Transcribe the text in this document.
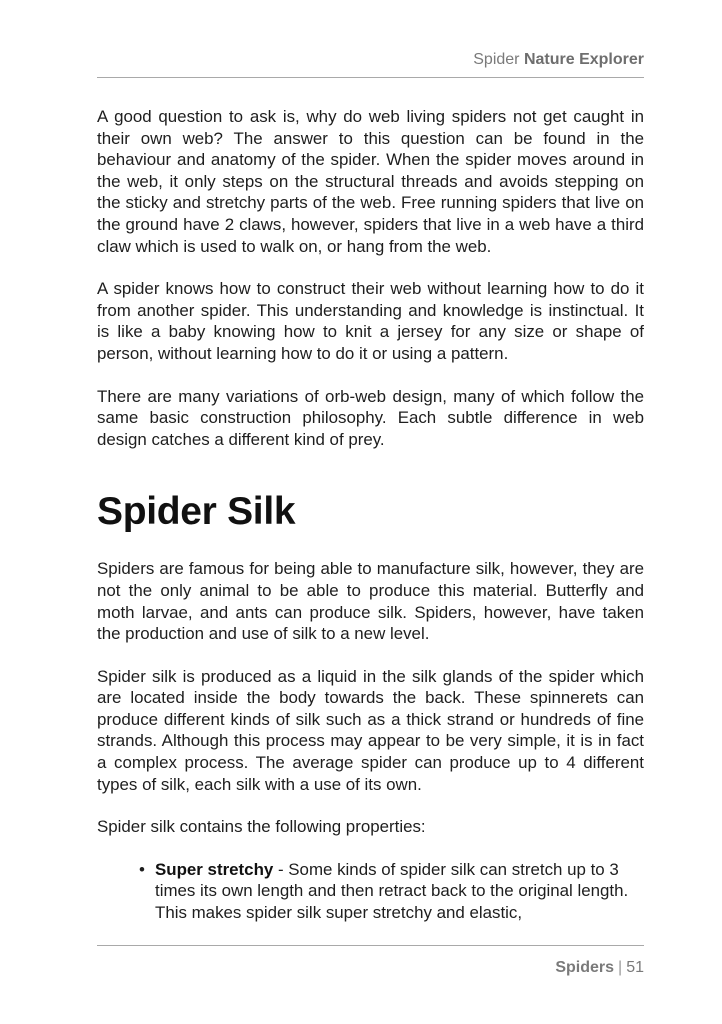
Spider Nature Explorer

A good question to ask is, why do web living spiders not get caught in their own web? The answer to this question can be found in the behaviour and anatomy of the spider. When the spider moves around in the web, it only steps on the structural threads and avoids stepping on the sticky and stretchy parts of the web. Free running spiders that live on the ground have 2 claws, however, spiders that live in a web have a third claw which is used to walk on, or hang from the web.

A spider knows how to construct their web without learning how to do it from another spider. This understanding and knowledge is instinctual. It is like a baby knowing how to knit a jersey for any size or shape of person, without learning how to do it or using a pattern.

There are many variations of orb-web design, many of which follow the same basic construction philosophy. Each subtle difference in web design catches a different kind of prey.

Spider Silk

Spiders are famous for being able to manufacture silk, however, they are not the only animal to be able to produce this material. Butterfly and moth larvae, and ants can produce silk. Spiders, however, have taken the production and use of silk to a new level.

Spider silk is produced as a liquid in the silk glands of the spider which are located inside the body towards the back. These spinnerets can produce different kinds of silk such as a thick strand or hundreds of fine strands. Although this process may appear to be very simple, it is in fact a complex process. The average spider can produce up to 4 different types of silk, each silk with a use of its own.

Spider silk contains the following properties:

• Super stretchy - Some kinds of spider silk can stretch up to 3 times its own length and then retract back to the original length. This makes spider silk super stretchy and elastic,
Spiders | 51
